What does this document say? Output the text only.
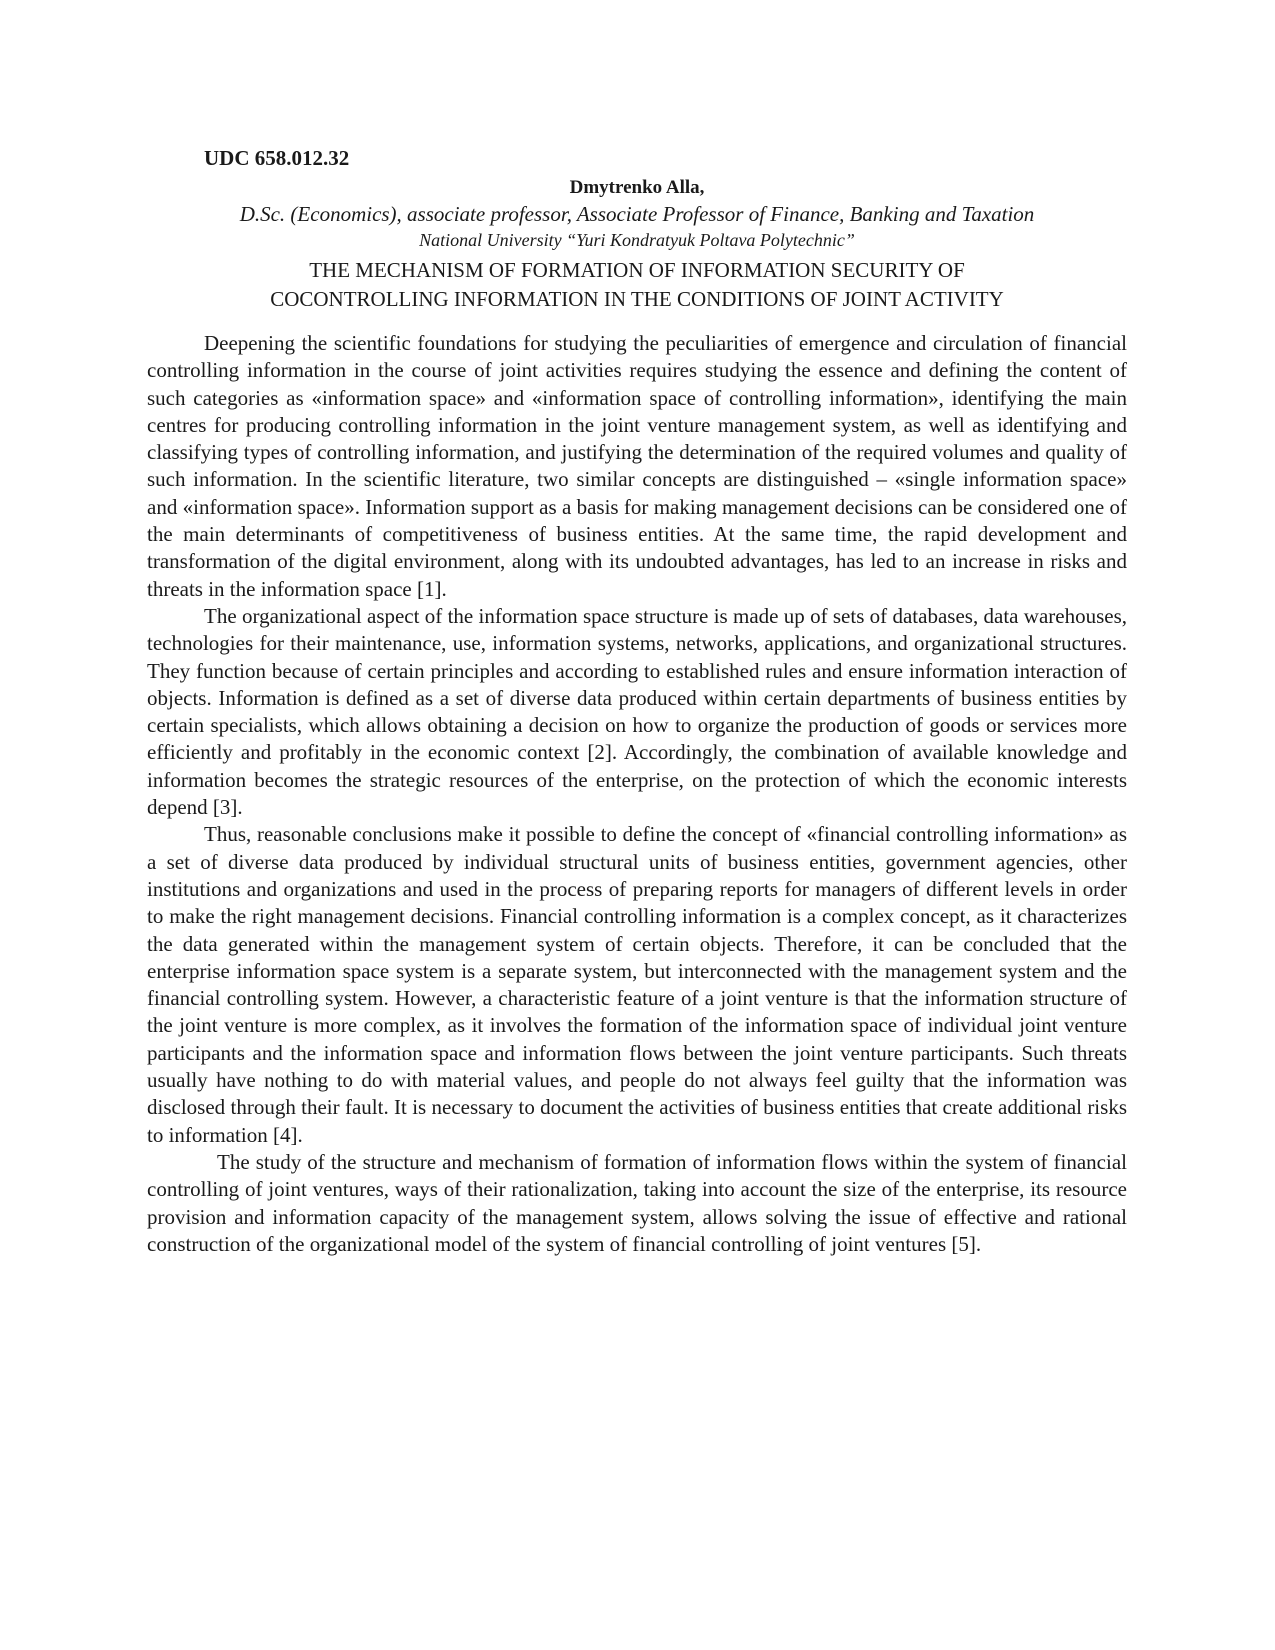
UDC 658.012.32
Dmytrenko Alla,
D.Sc. (Economics), associate professor, Associate Professor of Finance, Banking and Taxation
National University “Yuri Kondratyuk Poltava Polytechnic”
THE MECHANISM OF FORMATION OF INFORMATION SECURITY OF
COCONTROLLING INFORMATION IN THE CONDITIONS OF JOINT ACTIVITY

Deepening the scientific foundations for studying the peculiarities of emergence and circulation of financial controlling information in the course of joint activities requires studying the essence and defining the content of such categories as «information space» and «information space of controlling information», identifying the main centres for producing controlling information in the joint venture management system, as well as identifying and classifying types of controlling information, and justifying the determination of the required volumes and quality of such information. In the scientific literature, two similar concepts are distinguished – «single information space» and «information space». Information support as a basis for making management decisions can be considered one of the main determinants of competitiveness of business entities. At the same time, the rapid development and transformation of the digital environment, along with its undoubted advantages, has led to an increase in risks and threats in the information space [1].

The organizational aspect of the information space structure is made up of sets of databases, data warehouses, technologies for their maintenance, use, information systems, networks, applications, and organizational structures. They function because of certain principles and according to established rules and ensure information interaction of objects. Information is defined as a set of diverse data produced within certain departments of business entities by certain specialists, which allows obtaining a decision on how to organize the production of goods or services more efficiently and profitably in the economic context [2]. Accordingly, the combination of available knowledge and information becomes the strategic resources of the enterprise, on the protection of which the economic interests depend [3].

Thus, reasonable conclusions make it possible to define the concept of «financial controlling information» as a set of diverse data produced by individual structural units of business entities, government agencies, other institutions and organizations and used in the process of preparing reports for managers of different levels in order to make the right management decisions. Financial controlling information is a complex concept, as it characterizes the data generated within the management system of certain objects. Therefore, it can be concluded that the enterprise information space system is a separate system, but interconnected with the management system and the financial controlling system. However, a characteristic feature of a joint venture is that the information structure of the joint venture is more complex, as it involves the formation of the information space of individual joint venture participants and the information space and information flows between the joint venture participants. Such threats usually have nothing to do with material values, and people do not always feel guilty that the information was disclosed through their fault. It is necessary to document the activities of business entities that create additional risks to information [4].

The study of the structure and mechanism of formation of information flows within the system of financial controlling of joint ventures, ways of their rationalization, taking into account the size of the enterprise, its resource provision and information capacity of the management system, allows solving the issue of effective and rational construction of the organizational model of the system of financial controlling of joint ventures [5].
